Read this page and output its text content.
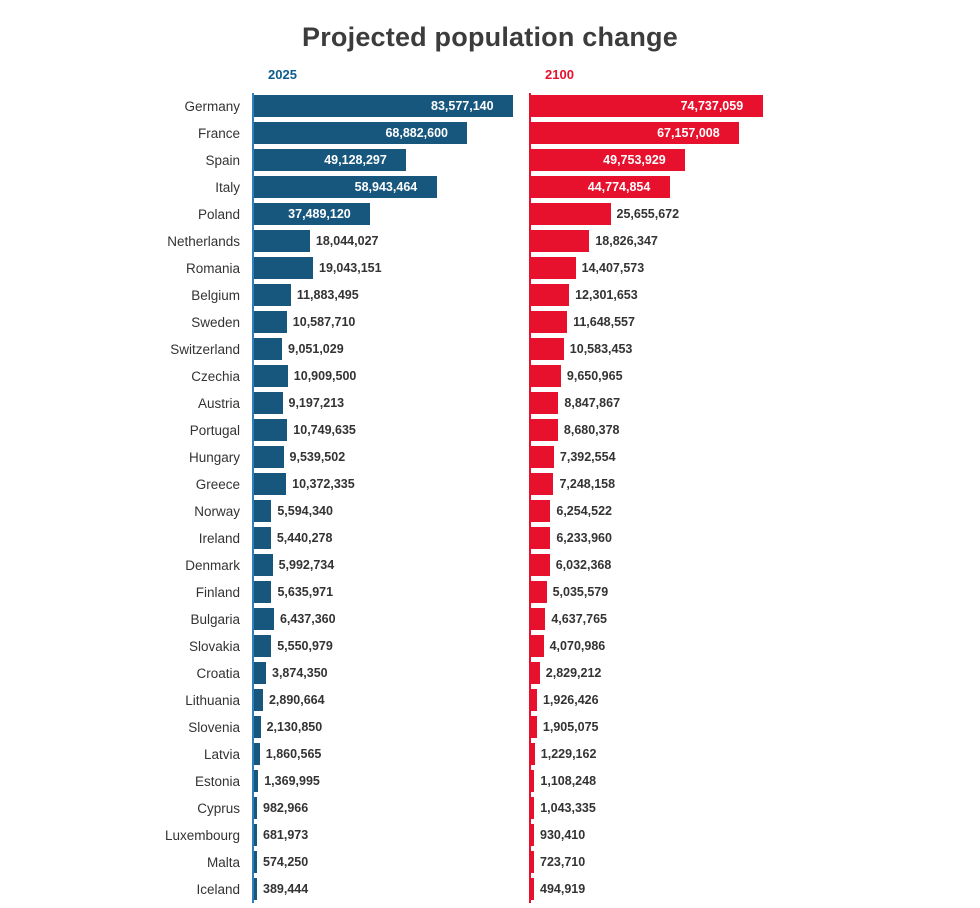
Projected population change
2025	2100
Germany	83,577,140	74,737,059
France	68,882,600	67,157,008
Spain	49,128,297	49,753,929
Italy	58,943,464	44,774,854
Poland	37,489,120	25,655,672
Netherlands	18,044,027	18,826,347
Romania	19,043,151	14,407,573
Belgium	11,883,495	12,301,653
Sweden	10,587,710	11,648,557
Switzerland	9,051,029	10,583,453
Czechia	10,909,500	9,650,965
Austria	9,197,213	8,847,867
Portugal	10,749,635	8,680,378
Hungary	9,539,502	7,392,554
Greece	10,372,335	7,248,158
Norway	5,594,340	6,254,522
Ireland	5,440,278	6,233,960
Denmark	5,992,734	6,032,368
Finland	5,635,971	5,035,579
Bulgaria	6,437,360	4,637,765
Slovakia	5,550,979	4,070,986
Croatia	3,874,350	2,829,212
Lithuania	2,890,664	1,926,426
Slovenia	2,130,850	1,905,075
Latvia	1,860,565	1,229,162
Estonia	1,369,995	1,108,248
Cyprus	982,966	1,043,335
Luxembourg	681,973	930,410
Malta	574,250	723,710
Iceland	389,444	494,919
